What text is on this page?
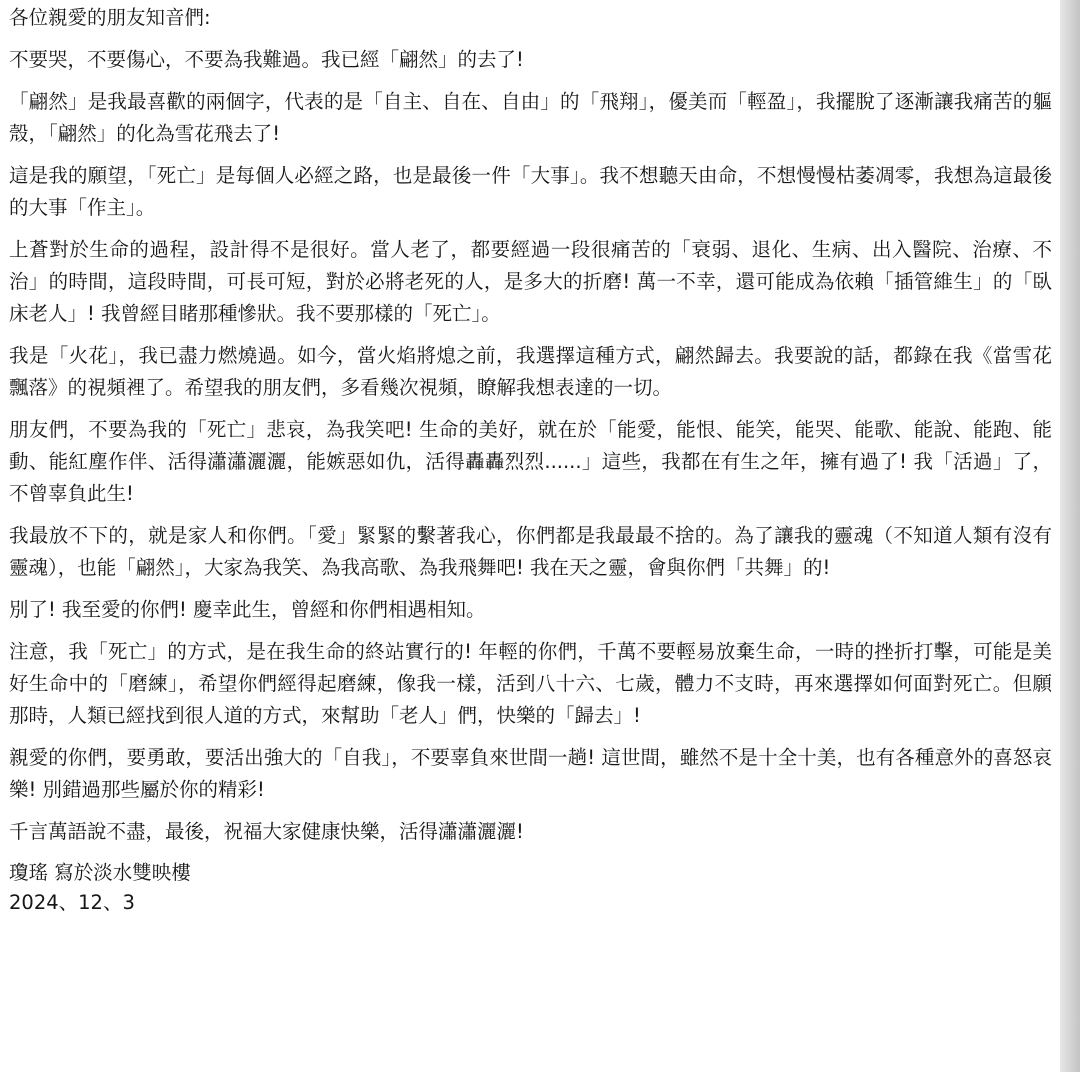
各位親愛的朋友知音們:
不要哭，不要傷心，不要為我難過。我已經「翩然」的去了!
「翩然」是我最喜歡的兩個字，代表的是「自主、自在、自由」的「飛翔」，優美而「輕盈」，我擺脫了逐漸讓我痛苦的軀殼，「翩然」的化為雪花飛去了!
這是我的願望，「死亡」是每個人必經之路，也是最後一件「大事」。我不想聽天由命，不想慢慢枯萎凋零，我想為這最後的大事「作主」。
上蒼對於生命的過程，設計得不是很好。當人老了，都要經過一段很痛苦的「衰弱、退化、生病、出入醫院、治療、不治」的時間，這段時間，可長可短，對於必將老死的人，是多大的折磨! 萬一不幸，還可能成為依賴「插管維生」的「臥床老人」! 我曾經目睹那種慘狀。我不要那樣的「死亡」。
我是「火花」，我已盡力燃燒過。如今，當火焰將熄之前，我選擇這種方式，翩然歸去。我要說的話，都錄在我《當雪花飄落》的視頻裡了。希望我的朋友們，多看幾次視頻，瞭解我想表達的一切。
朋友們，不要為我的「死亡」悲哀，為我笑吧! 生命的美好，就在於「能愛，能恨、能笑，能哭、能歌、能說、能跑、能動、能紅塵作伴、活得瀟瀟灑灑，能嫉惡如仇，活得轟轟烈烈......」這些，我都在有生之年，擁有過了! 我「活過」了，不曾辜負此生!
我最放不下的，就是家人和你們。「愛」緊緊的繫著我心，你們都是我最最不捨的。為了讓我的靈魂（不知道人類有沒有靈魂），也能「翩然」，大家為我笑、為我高歌、為我飛舞吧! 我在天之靈，會與你們「共舞」的!
別了! 我至愛的你們! 慶幸此生，曾經和你們相遇相知。
注意，我「死亡」的方式，是在我生命的終站實行的! 年輕的你們，千萬不要輕易放棄生命，一時的挫折打擊，可能是美好生命中的「磨練」，希望你們經得起磨練，像我一樣，活到八十六、七歲，體力不支時，再來選擇如何面對死亡。但願那時，人類已經找到很人道的方式，來幫助「老人」們，快樂的「歸去」!
親愛的你們，要勇敢，要活出強大的「自我」，不要辜負來世間一趟! 這世間，雖然不是十全十美，也有各種意外的喜怒哀樂! 別錯過那些屬於你的精彩!
千言萬語說不盡，最後，祝福大家健康快樂，活得瀟瀟灑灑!
瓊瑤 寫於淡水雙映樓
2024、12、3
